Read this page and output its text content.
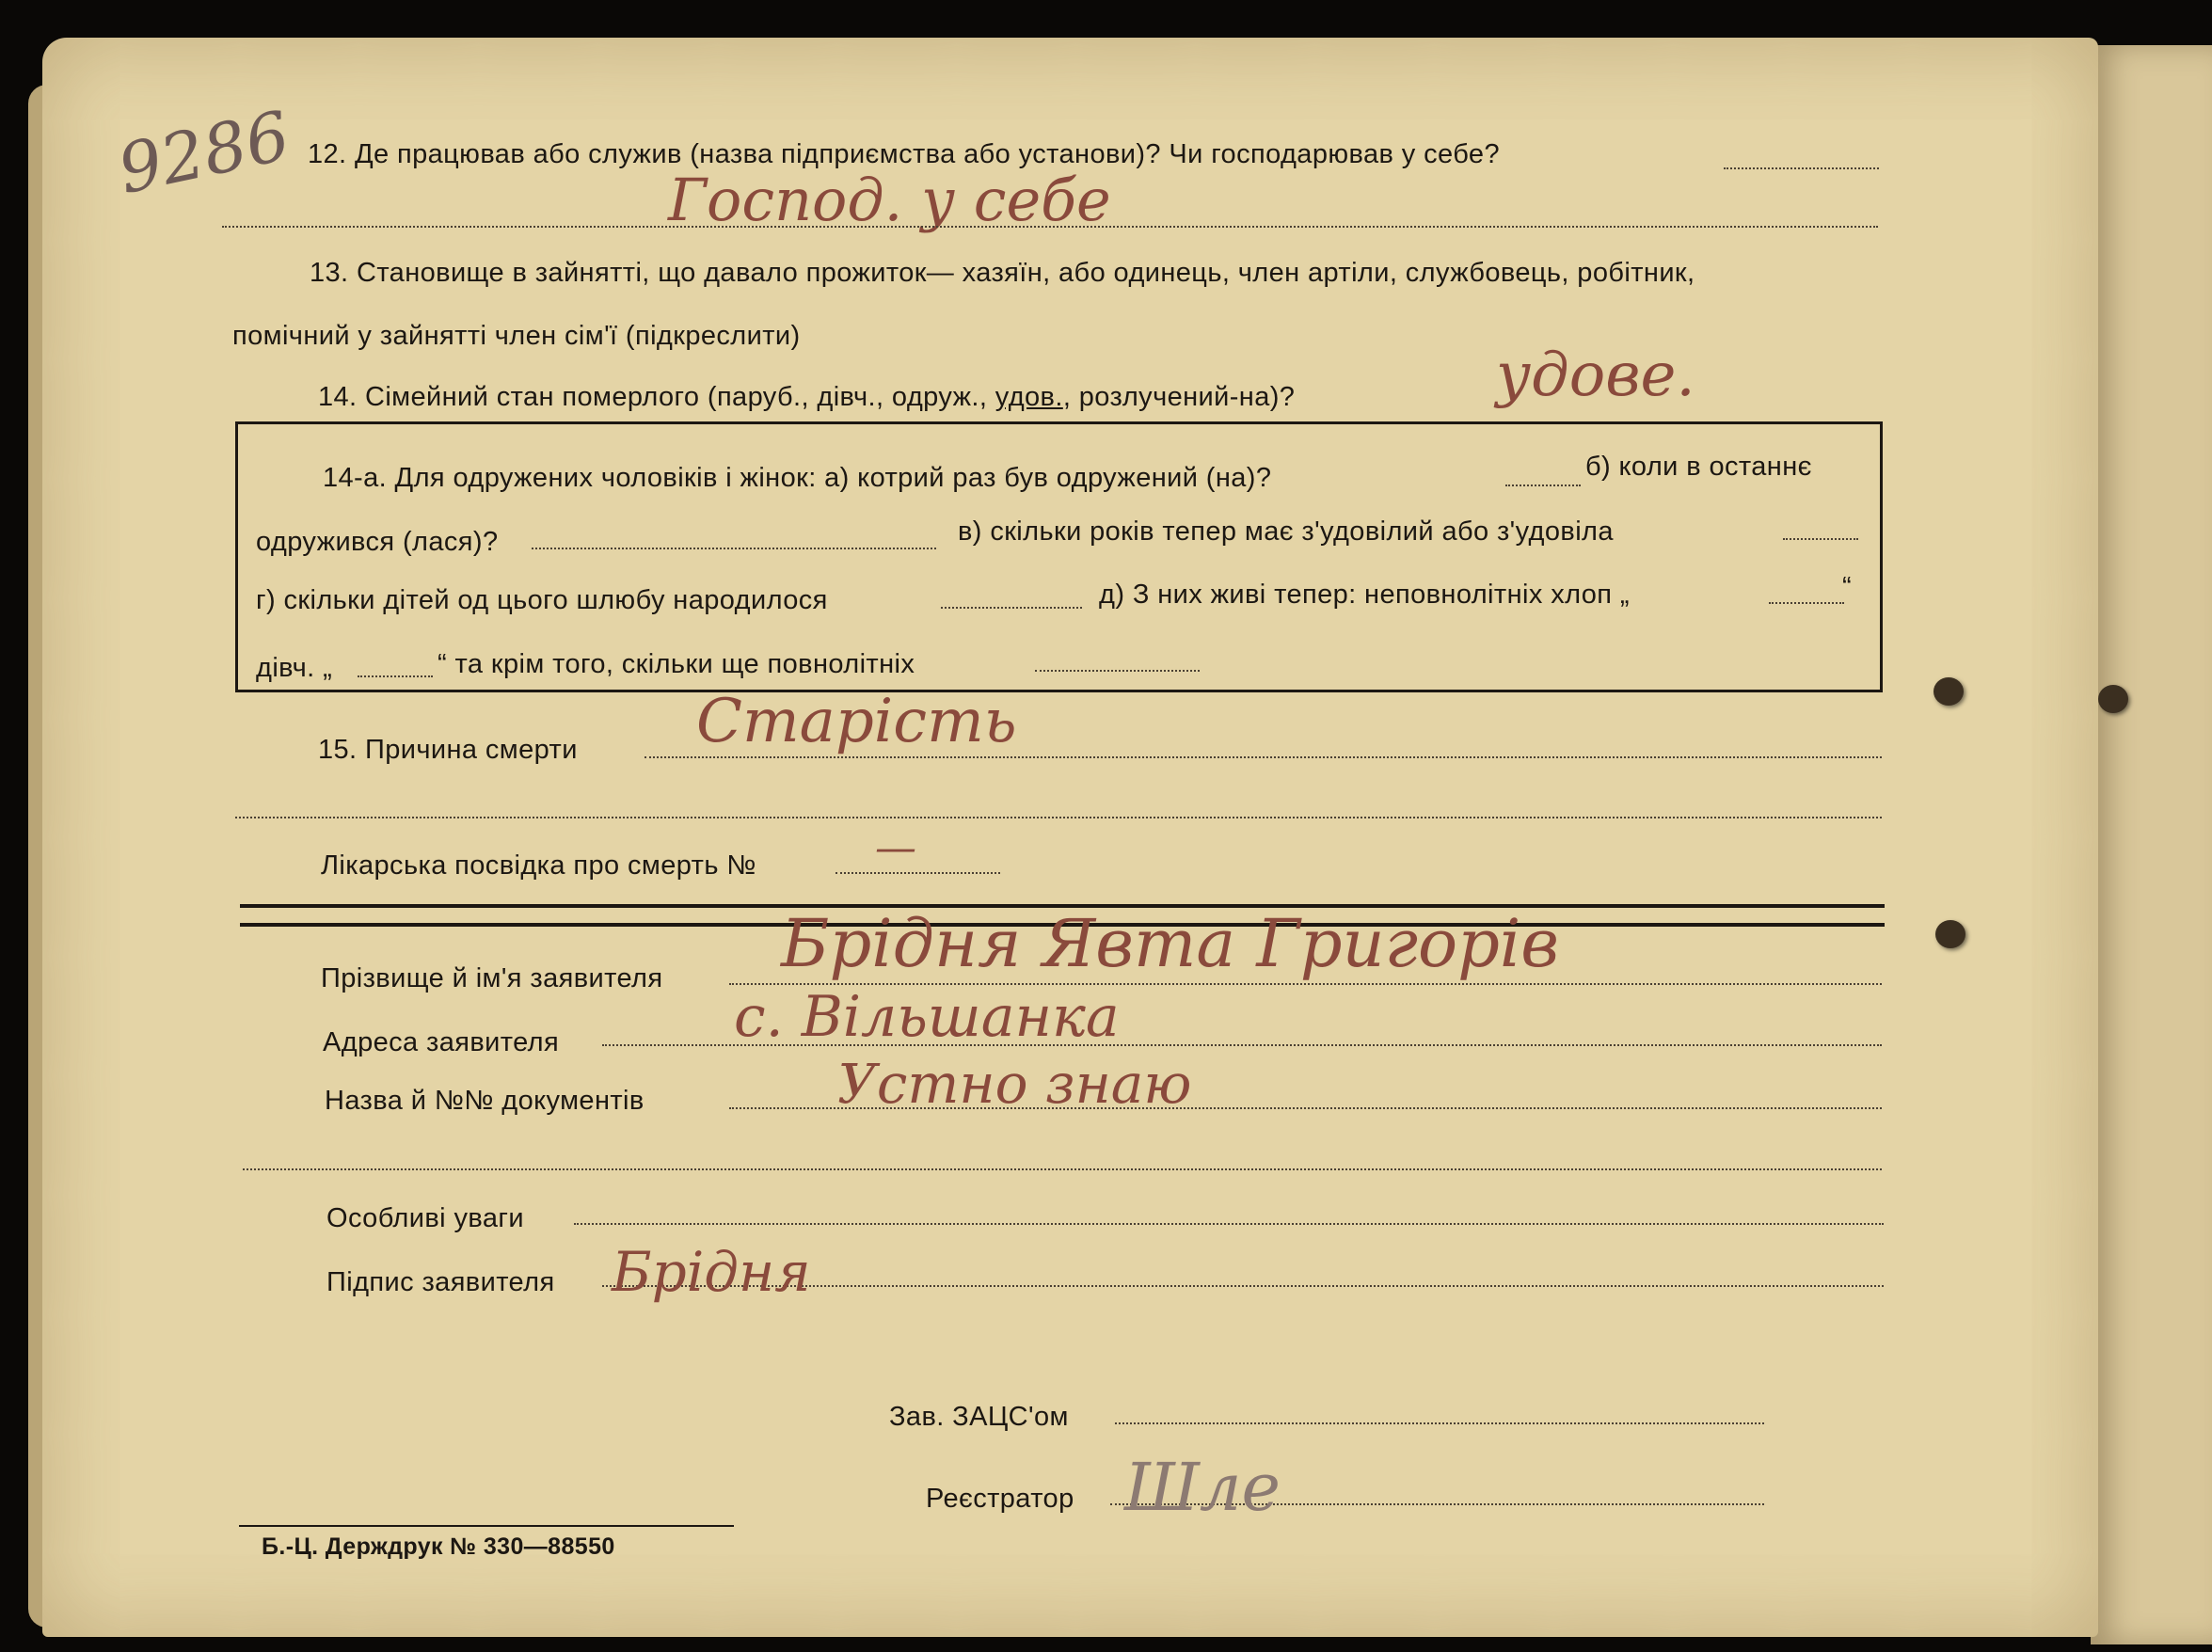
9286 12. Де працював або служив (назва підприємства або установи)? Чи господарював у себе?
Господ. у себе
13. Становище в зайнятті, що давало прожиток— хазяїн, або одинець, член артіли, службовець, робітник,
помічний у зайнятті член сім'ї (підкреслити)
14. Сімейний стан померлого (паруб., дівч., одруж., удов., розлучений-на)?	удове.
14-а. Для одружених чоловіків і жінок: а) котрий раз був одружений (на)?	б) коли в останнє
одружився (лася)?	в) скільки років тепер має з'удовілий або з'удовіла
г) скільки дітей од цього шлюбу народилося	д) З них живі тепер: неповнолітніх хлоп „	“
дівч. „	“ та крім того, скільки ще повнолітніх
15. Причина смерти Старість
Лікарська посвідка про смерть №	—
Прізвище й ім'я заявителя Брідня Явта Григорів
Адреса заявителя	с. Вільшанка
Назва й №№ документів	Устно знаю
Особливі уваги
Підпис заявителя Брідня
Зав. ЗАЦС'ом
Реєстратор Шле
Б.-Ц. Держдрук № 330—88550
